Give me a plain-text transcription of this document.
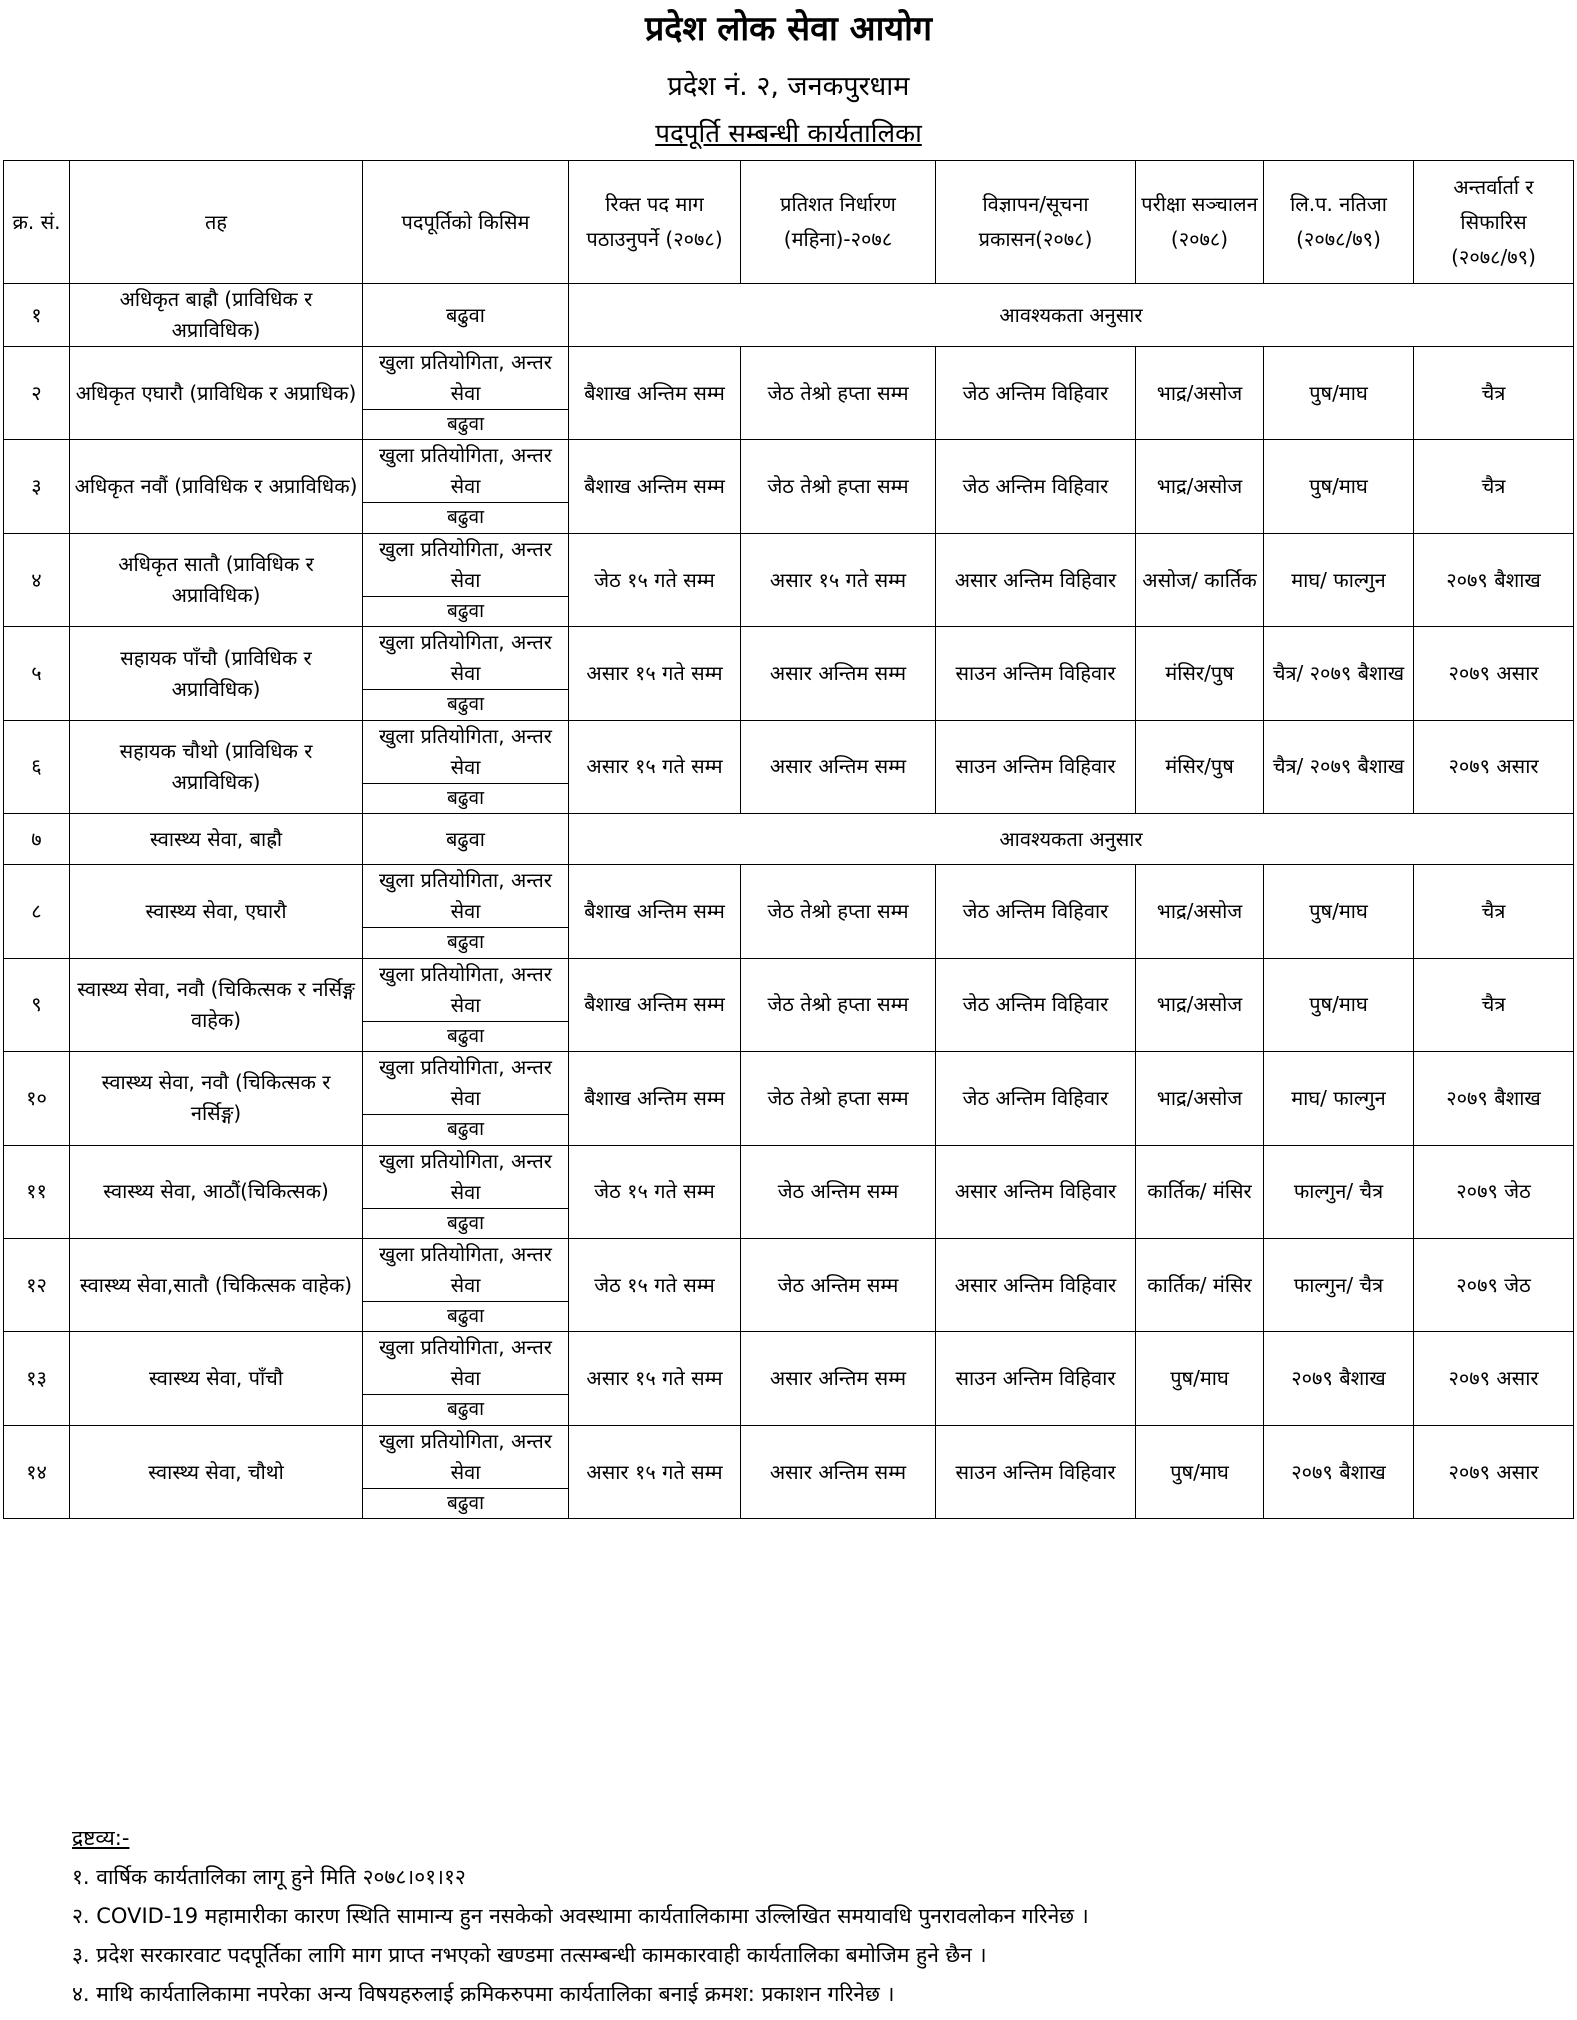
प्रदेश लोक सेवा आयोग
प्रदेश नं. २, जनकपुरधाम
पदपूर्ति सम्बन्धी कार्यतालिका
क्र. सं.	तह	पदपूर्तिको किसिम	रिक्त पद माग पठाउनुपर्ने (२०७८)	प्रतिशत निर्धारण (महिना)-२०७८	विज्ञापन/सूचना प्रकासन(२०७८)	परीक्षा सञ्चालन (२०७८)	लि.प. नतिजा (२०७८/७९)	अन्तर्वार्ता र सिफारिस (२०७८/७९)
१	अधिकृत बाह्रौ (प्राविधिक र अप्राविधिक)	बढुवा	आवश्यकता अनुसार					
२	अधिकृत एघारौ (प्राविधिक र अप्राधिक)	खुला प्रतियोगिता, अन्तर सेवा	बैशाख अन्तिम सम्म	जेठ तेश्रो हप्ता सम्म	जेठ अन्तिम विहिवार	भाद्र/असोज	पुष/माघ	चैत्र
		बढुवा						
३	अधिकृत नवौं (प्राविधिक र अप्राविधिक)	खुला प्रतियोगिता, अन्तर सेवा	बैशाख अन्तिम सम्म	जेठ तेश्रो हप्ता सम्म	जेठ अन्तिम विहिवार	भाद्र/असोज	पुष/माघ	चैत्र
		बढुवा						
४	अधिकृत सातौ (प्राविधिक र अप्राविधिक)	खुला प्रतियोगिता, अन्तर सेवा	जेठ १५ गते सम्म	असार १५ गते सम्म	असार अन्तिम विहिवार	असोज/ कार्तिक	माघ/ फाल्गुन	२०७९ बैशाख
		बढुवा						
५	सहायक पाँचौ (प्राविधिक र अप्राविधिक)	खुला प्रतियोगिता, अन्तर सेवा	असार १५ गते सम्म	असार अन्तिम सम्म	साउन अन्तिम विहिवार	मंसिर/पुष	चैत्र/ २०७९ बैशाख	२०७९ असार
		बढुवा						
६	सहायक चौथो (प्राविधिक र अप्राविधिक)	खुला प्रतियोगिता, अन्तर सेवा	असार १५ गते सम्म	असार अन्तिम सम्म	साउन अन्तिम विहिवार	मंसिर/पुष	चैत्र/ २०७९ बैशाख	२०७९ असार
		बढुवा						
७	स्वास्थ्य सेवा, बाह्रौ	बढुवा	आवश्यकता अनुसार					
८	स्वास्थ्य सेवा, एघारौ	खुला प्रतियोगिता, अन्तर सेवा	बैशाख अन्तिम सम्म	जेठ तेश्रो हप्ता सम्म	जेठ अन्तिम विहिवार	भाद्र/असोज	पुष/माघ	चैत्र
		बढुवा						
९	स्वास्थ्य सेवा, नवौ (चिकित्सक र नर्सिङ्ग वाहेक)	खुला प्रतियोगिता, अन्तर सेवा	बैशाख अन्तिम सम्म	जेठ तेश्रो हप्ता सम्म	जेठ अन्तिम विहिवार	भाद्र/असोज	पुष/माघ	चैत्र
		बढुवा						
१०	स्वास्थ्य सेवा, नवौ (चिकित्सक र नर्सिङ्ग)	खुला प्रतियोगिता, अन्तर सेवा	बैशाख अन्तिम सम्म	जेठ तेश्रो हप्ता सम्म	जेठ अन्तिम विहिवार	भाद्र/असोज	माघ/ फाल्गुन	२०७९ बैशाख
		बढुवा						
११	स्वास्थ्य सेवा, आठौं(चिकित्सक)	खुला प्रतियोगिता, अन्तर सेवा	जेठ १५ गते सम्म	जेठ अन्तिम सम्म	असार अन्तिम विहिवार	कार्तिक/ मंसिर	फाल्गुन/ चैत्र	२०७९ जेठ
		बढुवा						
१२	स्वास्थ्य सेवा,सातौ (चिकित्सक वाहेक)	खुला प्रतियोगिता, अन्तर सेवा	जेठ १५ गते सम्म	जेठ अन्तिम सम्म	असार अन्तिम विहिवार	कार्तिक/ मंसिर	फाल्गुन/ चैत्र	२०७९ जेठ
		बढुवा						
१३	स्वास्थ्य सेवा, पाँचौ	खुला प्रतियोगिता, अन्तर सेवा	असार १५ गते सम्म	असार अन्तिम सम्म	साउन अन्तिम विहिवार	पुष/माघ	२०७९ बैशाख	२०७९ असार
		बढुवा						
१४	स्वास्थ्य सेवा, चौथो	खुला प्रतियोगिता, अन्तर सेवा	असार १५ गते सम्म	असार अन्तिम सम्म	साउन अन्तिम विहिवार	पुष/माघ	२०७९ बैशाख	२०७९ असार
		बढुवा						
द्रष्टव्य:-
१. वार्षिक कार्यतालिका लागू हुने मिति २०७८।०१।१२
२. COVID-19 महामारीका कारण स्थिति सामान्य हुन नसकेको अवस्थामा कार्यतालिकामा उल्लिखित समयावधि पुनरावलोकन गरिनेछ ।
३. प्रदेश सरकारवाट पदपूर्तिका लागि माग प्राप्त नभएको खण्डमा तत्सम्बन्धी कामकारवाही कार्यतालिका बमोजिम हुने छैन ।
४. माथि कार्यतालिकामा नपरेका अन्य विषयहरुलाई क्रमिकरुपमा कार्यतालिका बनाई क्रमश: प्रकाशन गरिनेछ ।
